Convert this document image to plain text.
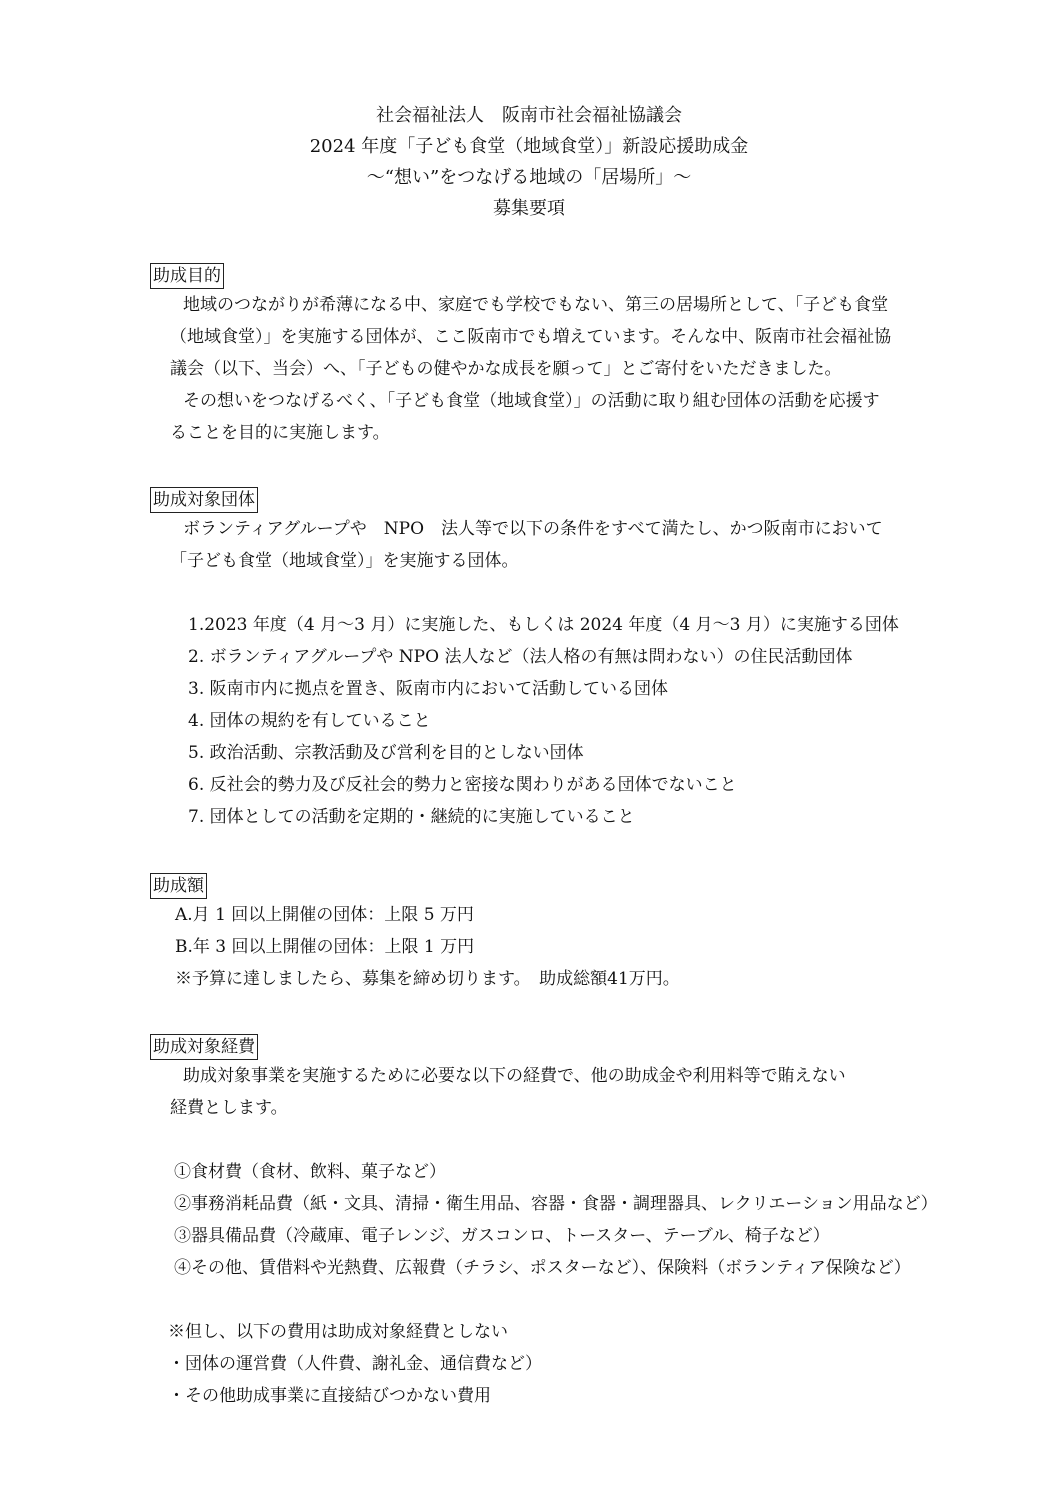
社会福祉法人　阪南市社会福祉協議会
2024 年度「子ども食堂（地域食堂）」新設応援助成金
～“想い”をつなげる地域の「居場所」～
募集要項
助成目的
地域のつながりが希薄になる中、家庭でも学校でもない、第三の居場所として、「子ども食堂
（地域食堂）」を実施する団体が、ここ阪南市でも増えています。そんな中、阪南市社会福祉協
議会（以下、当会）へ、「子どもの健やかな成長を願って」とご寄付をいただきました。
その想いをつなげるべく、「子ども食堂（地域食堂）」の活動に取り組む団体の活動を応援す
ることを目的に実施します。
助成対象団体
ボランティアグループや　NPO　法人等で以下の条件をすべて満たし、かつ阪南市において
「子ども食堂（地域食堂）」を実施する団体。
1.2023 年度（4 月～3 月）に実施した、もしくは 2024 年度（4 月～3 月）に実施する団体
2. ボランティアグループや NPO 法人など（法人格の有無は問わない）の住民活動団体
3. 阪南市内に拠点を置き、阪南市内において活動している団体
4. 団体の規約を有していること
5. 政治活動、宗教活動及び営利を目的としない団体
6. 反社会的勢力及び反社会的勢力と密接な関わりがある団体でないこと
7. 団体としての活動を定期的・継続的に実施していること
助成額
A.月 1 回以上開催の団体：上限 5 万円
B.年 3 回以上開催の団体：上限 1 万円
※予算に達しましたら、募集を締め切ります。　助成総額41万円。
助成対象経費
助成対象事業を実施するために必要な以下の経費で、他の助成金や利用料等で賄えない
経費とします。
①食材費（食材、飲料、菓子など）
②事務消耗品費（紙・文具、清掃・衛生用品、容器・食器・調理器具、レクリエーション用品など）
③器具備品費（冷蔵庫、電子レンジ、ガスコンロ、トースター、テーブル、椅子など）
④その他、賃借料や光熱費、広報費（チラシ、ポスターなど）、保険料（ボランティア保険など）
※但し、以下の費用は助成対象経費としない
・団体の運営費（人件費、謝礼金、通信費など）
・その他助成事業に直接結びつかない費用
